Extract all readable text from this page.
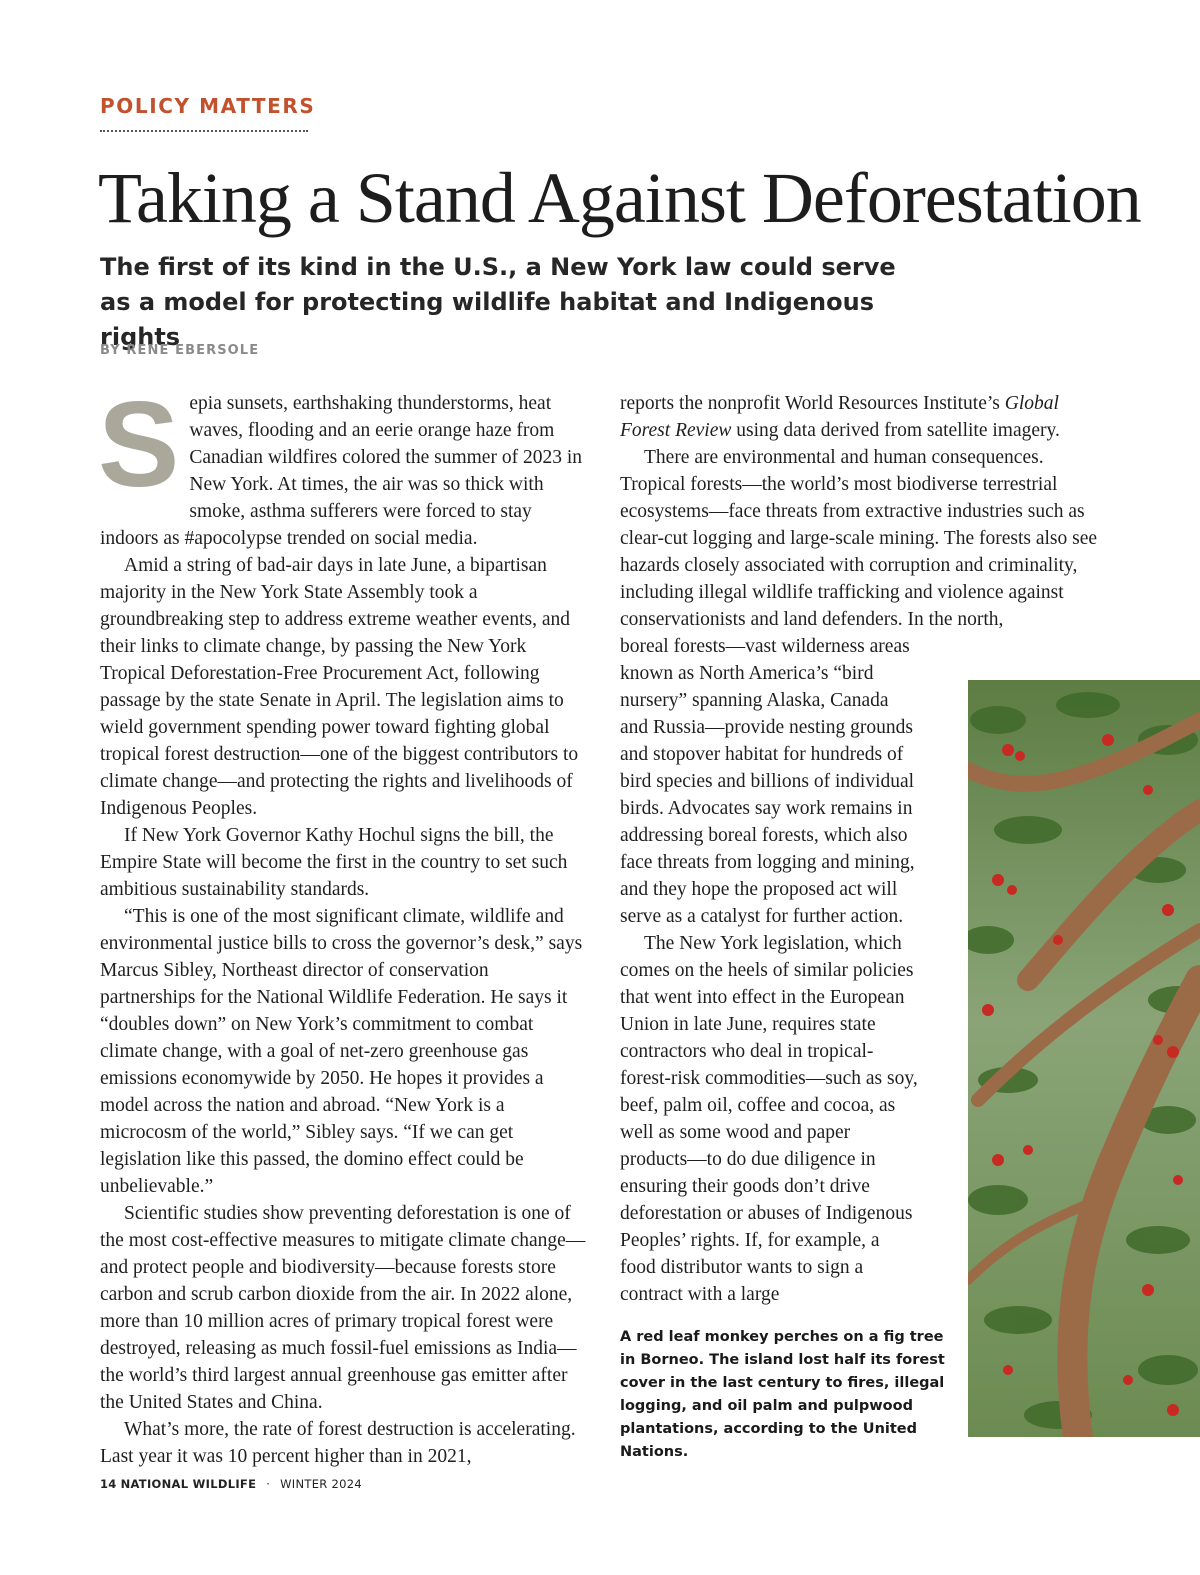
POLICY MATTERS

Taking a Stand Against Deforestation
The first of its kind in the U.S., a New York law could serve
as a model for protecting wildlife habitat and Indigenous rights

BY RENE EBERSOLE

Sepia sunsets, earthshaking thunderstorms, heat waves, flooding and an eerie orange haze from Canadian wildfires colored the summer of 2023 in New York. At times, the air was so thick with smoke, asthma sufferers were forced to stay indoors as #apocolypse trended on social media.

Amid a string of bad-air days in late June, a bipartisan majority in the New York State Assembly took a groundbreaking step to address extreme weather events, and their links to climate change, by passing the New York Tropical Deforestation-Free Procurement Act, following passage by the state Senate in April. The legislation aims to wield government spending power toward fighting global tropical forest destruction—one of the biggest contributors to climate change—and protecting the rights and livelihoods of Indigenous Peoples.

If New York Governor Kathy Hochul signs the bill, the Empire State will become the first in the country to set such ambitious sustainability standards.

“This is one of the most significant climate, wildlife and environmental justice bills to cross the governor’s desk,” says Marcus Sibley, Northeast director of conservation partnerships for the National Wildlife Federation. He says it “doubles down” on New York’s commitment to combat climate change, with a goal of net-zero greenhouse gas emissions economywide by 2050. He hopes it provides a model across the nation and abroad. “New York is a microcosm of the world,” Sibley says. “If we can get legislation like this passed, the domino effect could be unbelievable.”

Scientific studies show preventing deforestation is one of the most cost-effective measures to mitigate climate change—and protect people and biodiversity—because forests store carbon and scrub carbon dioxide from the air. In 2022 alone, more than 10 million acres of primary tropical forest were destroyed, releasing as much fossil-fuel emissions as India—the world’s third largest annual greenhouse gas emitter after the United States and China.

What’s more, the rate of forest destruction is accelerating. Last year it was 10 percent higher than in 2021,

reports the nonprofit World Resources Institute’s Global Forest Review using data derived from satellite imagery.

There are environmental and human consequences. Tropical forests—the world’s most biodiverse terrestrial ecosystems—face threats from extractive industries such as clear-cut logging and large-scale mining. The forests also see hazards closely associated with corruption and criminality, including illegal wildlife trafficking and violence against conservationists and land defenders. In the north,

boreal forests—vast wilderness areas known as North America’s “bird nursery” spanning Alaska, Canada and Russia—provide nesting grounds and stopover habitat for hundreds of bird species and billions of individual birds. Advocates say work remains in addressing boreal forests, which also face threats from logging and mining, and they hope the proposed act will serve as a catalyst for further action.

The New York legislation, which comes on the heels of similar policies that went into effect in the European Union in late June, requires state contractors who deal in tropical-forest-risk commodities—such as soy, beef, palm oil, coffee and cocoa, as well as some wood and paper products—to do due diligence in ensuring their goods don’t drive deforestation or abuses of Indigenous Peoples’ rights. If, for example, a food distributor wants to sign a contract with a large

A red leaf monkey perches on a fig tree in Borneo. The island lost half its forest cover in the last century to fires, illegal logging, and oil palm and pulpwood plantations, according to the United Nations.

14 NATIONAL WILDLIFE · WINTER 2024
